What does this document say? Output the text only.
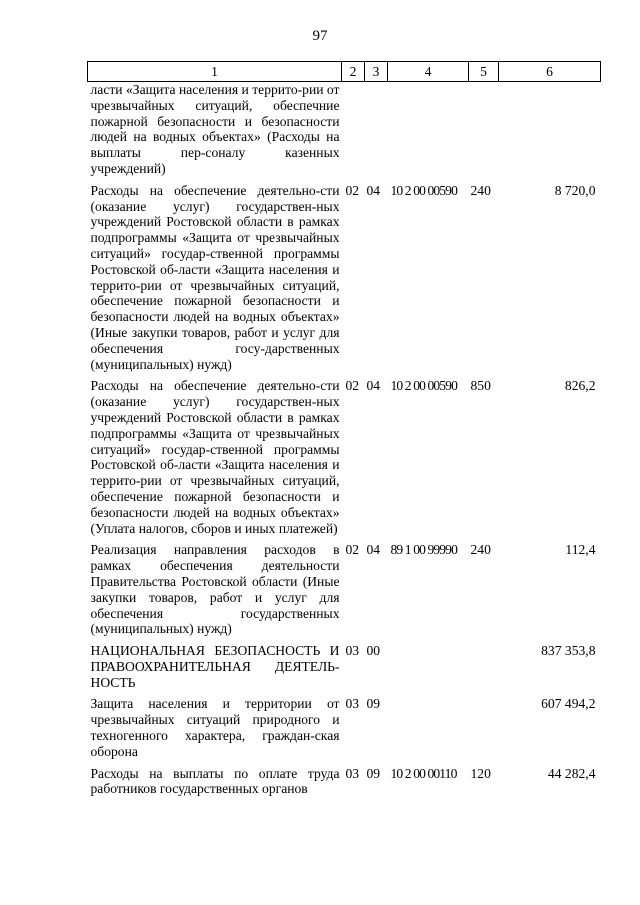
97
1	2	3	4	5	6
ласти «Защита населения и террито-рии от чрезвычайных ситуаций, обеспечние пожарной безопасности и безопасности людей на водных объектах» (Расходы на выплаты пер-соналу казенных учреждений)					
Расходы на обеспечение деятельно-сти (оказание услуг) государствен-ных учреждений Ростовской области в рамках подпрограммы «Защита от чрезвычайных ситуаций» государ-ственной программы Ростовской об-ласти «Защита населения и террито-рии от чрезвычайных ситуаций, обеспечение пожарной безопасности и безопасности людей на водных объектах» (Иные закупки товаров, работ и услуг для обеспечения госу-дарственных (муниципальных) нужд)	02	04	10 2 00 00590	240	8 720,0
Расходы на обеспечение деятельно-сти (оказание услуг) государствен-ных учреждений Ростовской области в рамках подпрограммы «Защита от чрезвычайных ситуаций» государ-ственной программы Ростовской об-ласти «Защита населения и террито-рии от чрезвычайных ситуаций, обеспечение пожарной безопасности и безопасности людей на водных объектах» (Уплата налогов, сборов и иных платежей)	02	04	10 2 00 00590	850	826,2
Реализация направления расходов в рамках обеспечения деятельности Правительства Ростовской области (Иные закупки товаров, работ и услуг для обеспечения государственных (муниципальных) нужд)	02	04	89 1 00 99990	240	112,4
НАЦИОНАЛЬНАЯ БЕЗОПАСНОСТЬ И ПРАВООХРАНИТЕЛЬНАЯ ДЕЯТЕЛЬ-НОСТЬ	03	00			837 353,8
Защита населения и территории от чрезвычайных ситуаций природного и техногенного характера, граждан-ская оборона	03	09			607 494,2
Расходы на выплаты по оплате труда работников государственных органов	03	09	10 2 00 00110	120	44 282,4
